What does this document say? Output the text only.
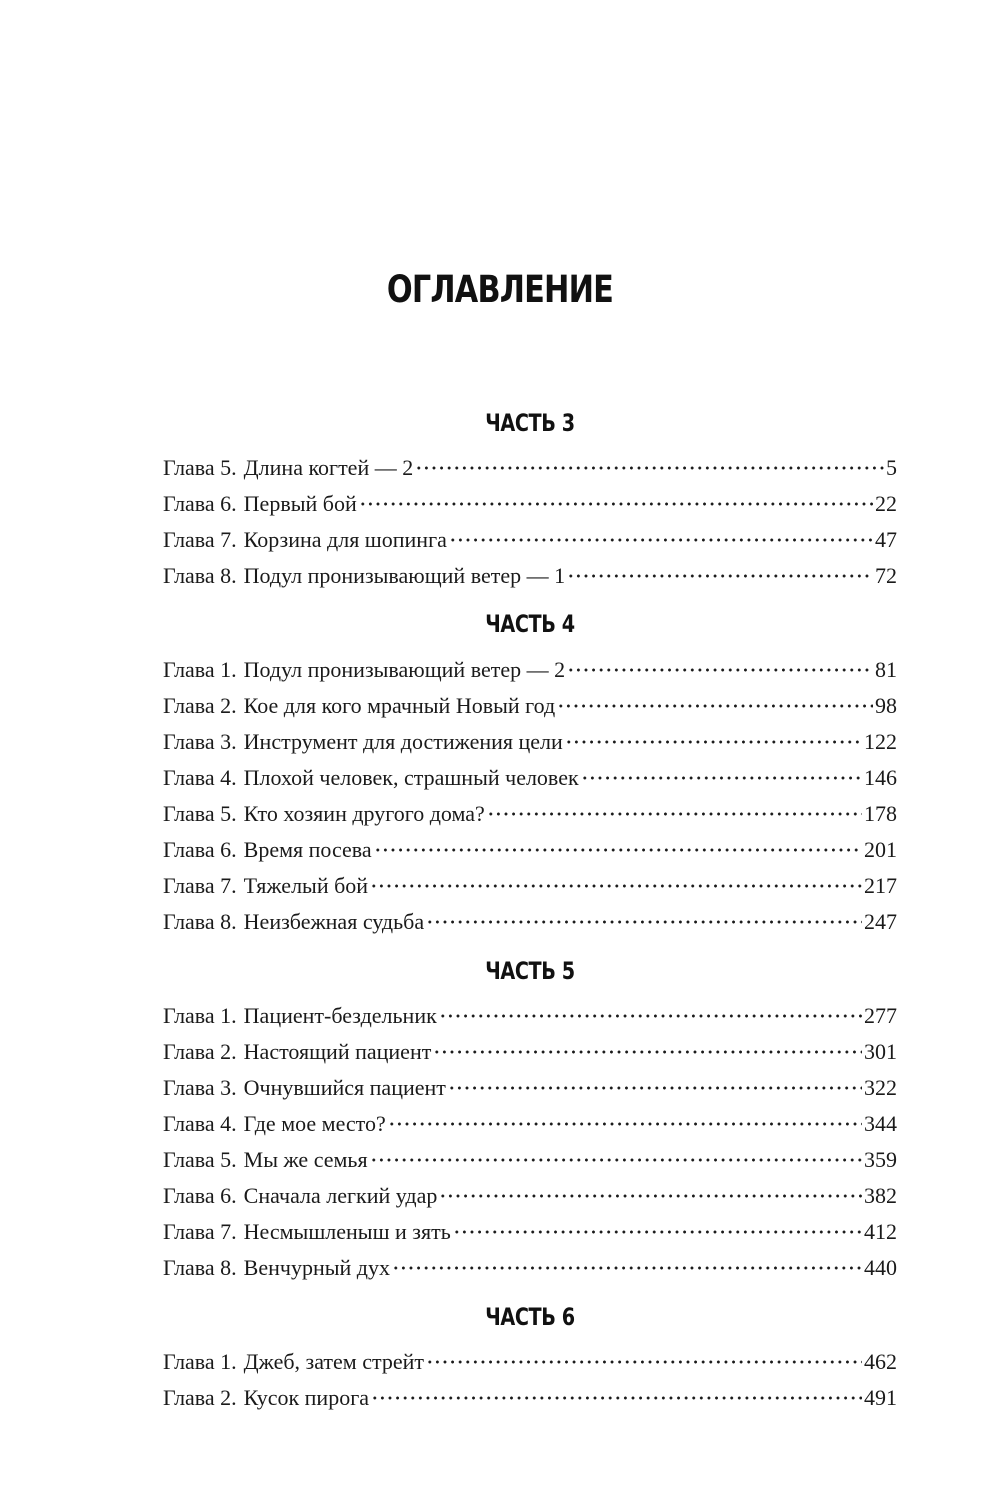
ОГЛАВЛЕНИЕ
ЧАСТЬ 3
Глава 5. Длина когтей — 2	5
Глава 6. Первый бой	22
Глава 7. Корзина для шопинга	47
Глава 8. Подул пронизывающий ветер — 1	72
ЧАСТЬ 4
Глава 1. Подул пронизывающий ветер — 2	81
Глава 2. Кое для кого мрачный Новый год	98
Глава 3. Инструмент для достижения цели	122
Глава 4. Плохой человек, страшный человек	146
Глава 5. Кто хозяин другого дома?	178
Глава 6. Время посева	201
Глава 7. Тяжелый бой	217
Глава 8. Неизбежная судьба	247
ЧАСТЬ 5
Глава 1. Пациент-бездельник	277
Глава 2. Настоящий пациент	301
Глава 3. Очнувшийся пациент	322
Глава 4. Где мое место?	344
Глава 5. Мы же семья	359
Глава 6. Сначала легкий удар	382
Глава 7. Несмышленыш и зять	412
Глава 8. Венчурный дух	440
ЧАСТЬ 6
Глава 1. Джеб, затем стрейт	462
Глава 2. Кусок пирога	491
